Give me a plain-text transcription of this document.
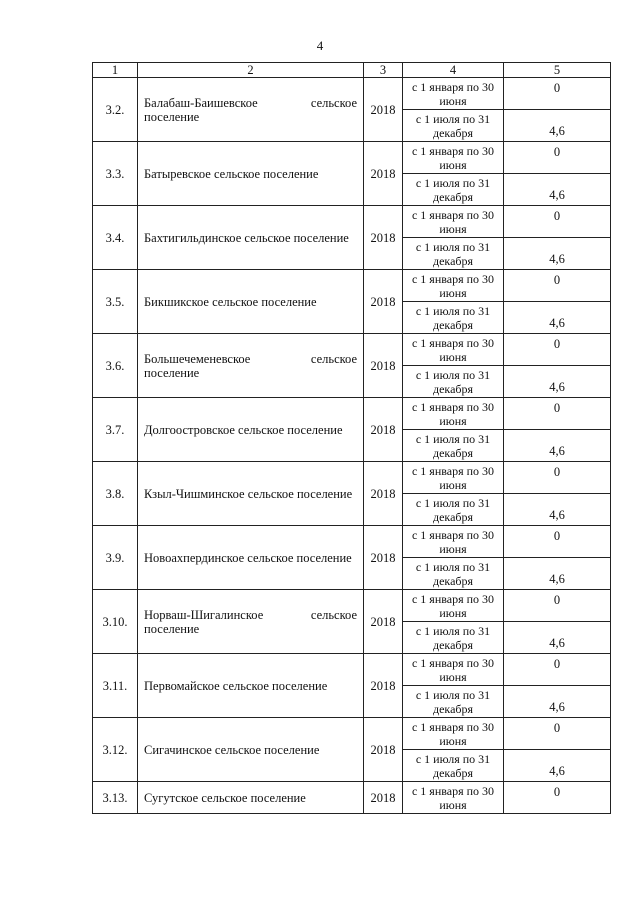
4
1	2	3	4	5
3.2.	Балабаш-Баишевское сельское поселение	2018	с 1 января по 30 июня	0
			с 1 июля по 31 декабря	4,6
3.3.	Батыревское сельское поселение	2018	с 1 января по 30 июня	0
			с 1 июля по 31 декабря	4,6
3.4.	Бахтигильдинское сельское поселение	2018	с 1 января по 30 июня	0
			с 1 июля по 31 декабря	4,6
3.5.	Бикшикское сельское поселение	2018	с 1 января по 30 июня	0
			с 1 июля по 31 декабря	4,6
3.6.	Большечеменевское сельское поселение	2018	с 1 января по 30 июня	0
			с 1 июля по 31 декабря	4,6
3.7.	Долгоостровское сельское поселение	2018	с 1 января по 30 июня	0
			с 1 июля по 31 декабря	4,6
3.8.	Кзыл-Чишминское сельское поселение	2018	с 1 января по 30 июня	0
			с 1 июля по 31 декабря	4,6
3.9.	Новоахпердинское сельское поселение	2018	с 1 января по 30 июня	0
			с 1 июля по 31 декабря	4,6
3.10.	Норваш-Шигалинское сельское поселение	2018	с 1 января по 30 июня	0
			с 1 июля по 31 декабря	4,6
3.11.	Первомайское сельское поселение	2018	с 1 января по 30 июня	0
			с 1 июля по 31 декабря	4,6
3.12.	Сигачинское сельское поселение	2018	с 1 января по 30 июня	0
			с 1 июля по 31 декабря	4,6
3.13.	Сугутское сельское поселение	2018	с 1 января по 30 июня	0
